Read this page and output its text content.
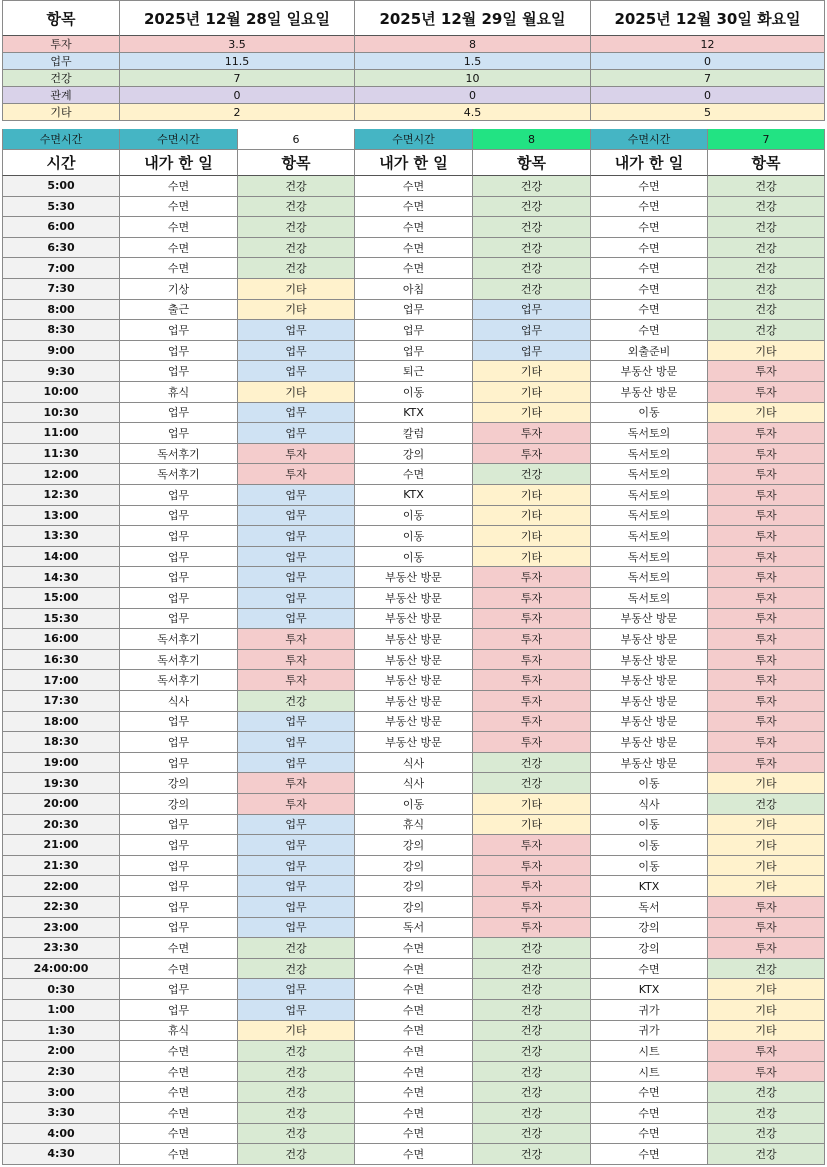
항목	2025년 12월 28일 일요일	2025년 12월 29일 월요일	2025년 12월 30일 화요일
투자	3.5	8	12
업무	11.5	1.5	0
건강	7	10	7
관계	0	0	0
기타	2	4.5	5
수면시간	수면시간	6	수면시간	8	수면시간	7
시간	내가 한 일	항목	내가 한 일	항목	내가 한 일	항목
5:00	수면	건강	수면	건강	수면	건강
5:30	수면	건강	수면	건강	수면	건강
6:00	수면	건강	수면	건강	수면	건강
6:30	수면	건강	수면	건강	수면	건강
7:00	수면	건강	수면	건강	수면	건강
7:30	기상	기타	아침	건강	수면	건강
8:00	출근	기타	업무	업무	수면	건강
8:30	업무	업무	업무	업무	수면	건강
9:00	업무	업무	업무	업무	외출준비	기타
9:30	업무	업무	퇴근	기타	부동산 방문	투자
10:00	휴식	기타	이동	기타	부동산 방문	투자
10:30	업무	업무	KTX	기타	이동	기타
11:00	업무	업무	칼럼	투자	독서토의	투자
11:30	독서후기	투자	강의	투자	독서토의	투자
12:00	독서후기	투자	수면	건강	독서토의	투자
12:30	업무	업무	KTX	기타	독서토의	투자
13:00	업무	업무	이동	기타	독서토의	투자
13:30	업무	업무	이동	기타	독서토의	투자
14:00	업무	업무	이동	기타	독서토의	투자
14:30	업무	업무	부동산 방문	투자	독서토의	투자
15:00	업무	업무	부동산 방문	투자	독서토의	투자
15:30	업무	업무	부동산 방문	투자	부동산 방문	투자
16:00	독서후기	투자	부동산 방문	투자	부동산 방문	투자
16:30	독서후기	투자	부동산 방문	투자	부동산 방문	투자
17:00	독서후기	투자	부동산 방문	투자	부동산 방문	투자
17:30	식사	건강	부동산 방문	투자	부동산 방문	투자
18:00	업무	업무	부동산 방문	투자	부동산 방문	투자
18:30	업무	업무	부동산 방문	투자	부동산 방문	투자
19:00	업무	업무	식사	건강	부동산 방문	투자
19:30	강의	투자	식사	건강	이동	기타
20:00	강의	투자	이동	기타	식사	건강
20:30	업무	업무	휴식	기타	이동	기타
21:00	업무	업무	강의	투자	이동	기타
21:30	업무	업무	강의	투자	이동	기타
22:00	업무	업무	강의	투자	KTX	기타
22:30	업무	업무	강의	투자	독서	투자
23:00	업무	업무	독서	투자	강의	투자
23:30	수면	건강	수면	건강	강의	투자
24:00:00	수면	건강	수면	건강	수면	건강
0:30	업무	업무	수면	건강	KTX	기타
1:00	업무	업무	수면	건강	귀가	기타
1:30	휴식	기타	수면	건강	귀가	기타
2:00	수면	건강	수면	건강	시트	투자
2:30	수면	건강	수면	건강	시트	투자
3:00	수면	건강	수면	건강	수면	건강
3:30	수면	건강	수면	건강	수면	건강
4:00	수면	건강	수면	건강	수면	건강
4:30	수면	건강	수면	건강	수면	건강
